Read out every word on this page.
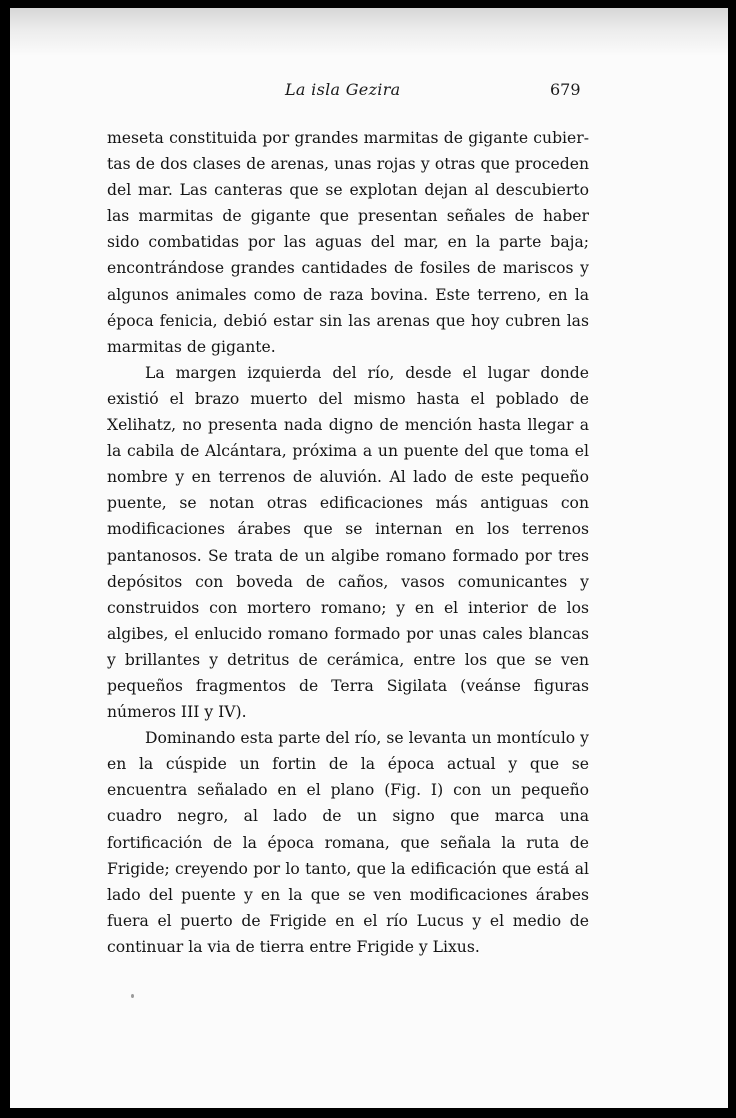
La isla Gezira	679

meseta constituida por grandes marmitas de gigante cubier-tas de dos clases de arenas, unas rojas y otras que proceden del mar. Las canteras que se explotan dejan al descubierto las marmitas de gigante que presentan señales de haber sido combatidas por las aguas del mar, en la parte baja; encontrándose grandes cantidades de fosiles de mariscos y algunos animales como de raza bovina. Este terreno, en la época fenicia, debió estar sin las arenas que hoy cubren las marmitas de gigante.

La margen izquierda del río, desde el lugar donde existió el brazo muerto del mismo hasta el poblado de Xelihatz, no presenta nada digno de mención hasta llegar a la cabila de Alcántara, próxima a un puente del que toma el nombre y en terrenos de aluvión. Al lado de este pequeño puente, se notan otras edificaciones más antiguas con modificaciones árabes que se internan en los terrenos pantanosos. Se trata de un algibe romano formado por tres depósitos con boveda de caños, vasos comunicantes y construidos con mortero romano; y en el interior de los algibes, el enlucido romano formado por unas cales blancas y brillantes y detritus de cerámica, entre los que se ven pequeños fragmentos de Terra Sigilata (veánse figuras números III y IV).

Dominando esta parte del río, se levanta un montículo y en la cúspide un fortin de la época actual y que se encuentra señalado en el plano (Fig. I) con un pequeño cuadro negro, al lado de un signo que marca una fortificación de la época romana, que señala la ruta de Frigide; creyendo por lo tanto, que la edificación que está al lado del puente y en la que se ven modificaciones árabes fuera el puerto de Frigide en el río Lucus y el medio de continuar la via de tierra entre Frigide y Lixus.
